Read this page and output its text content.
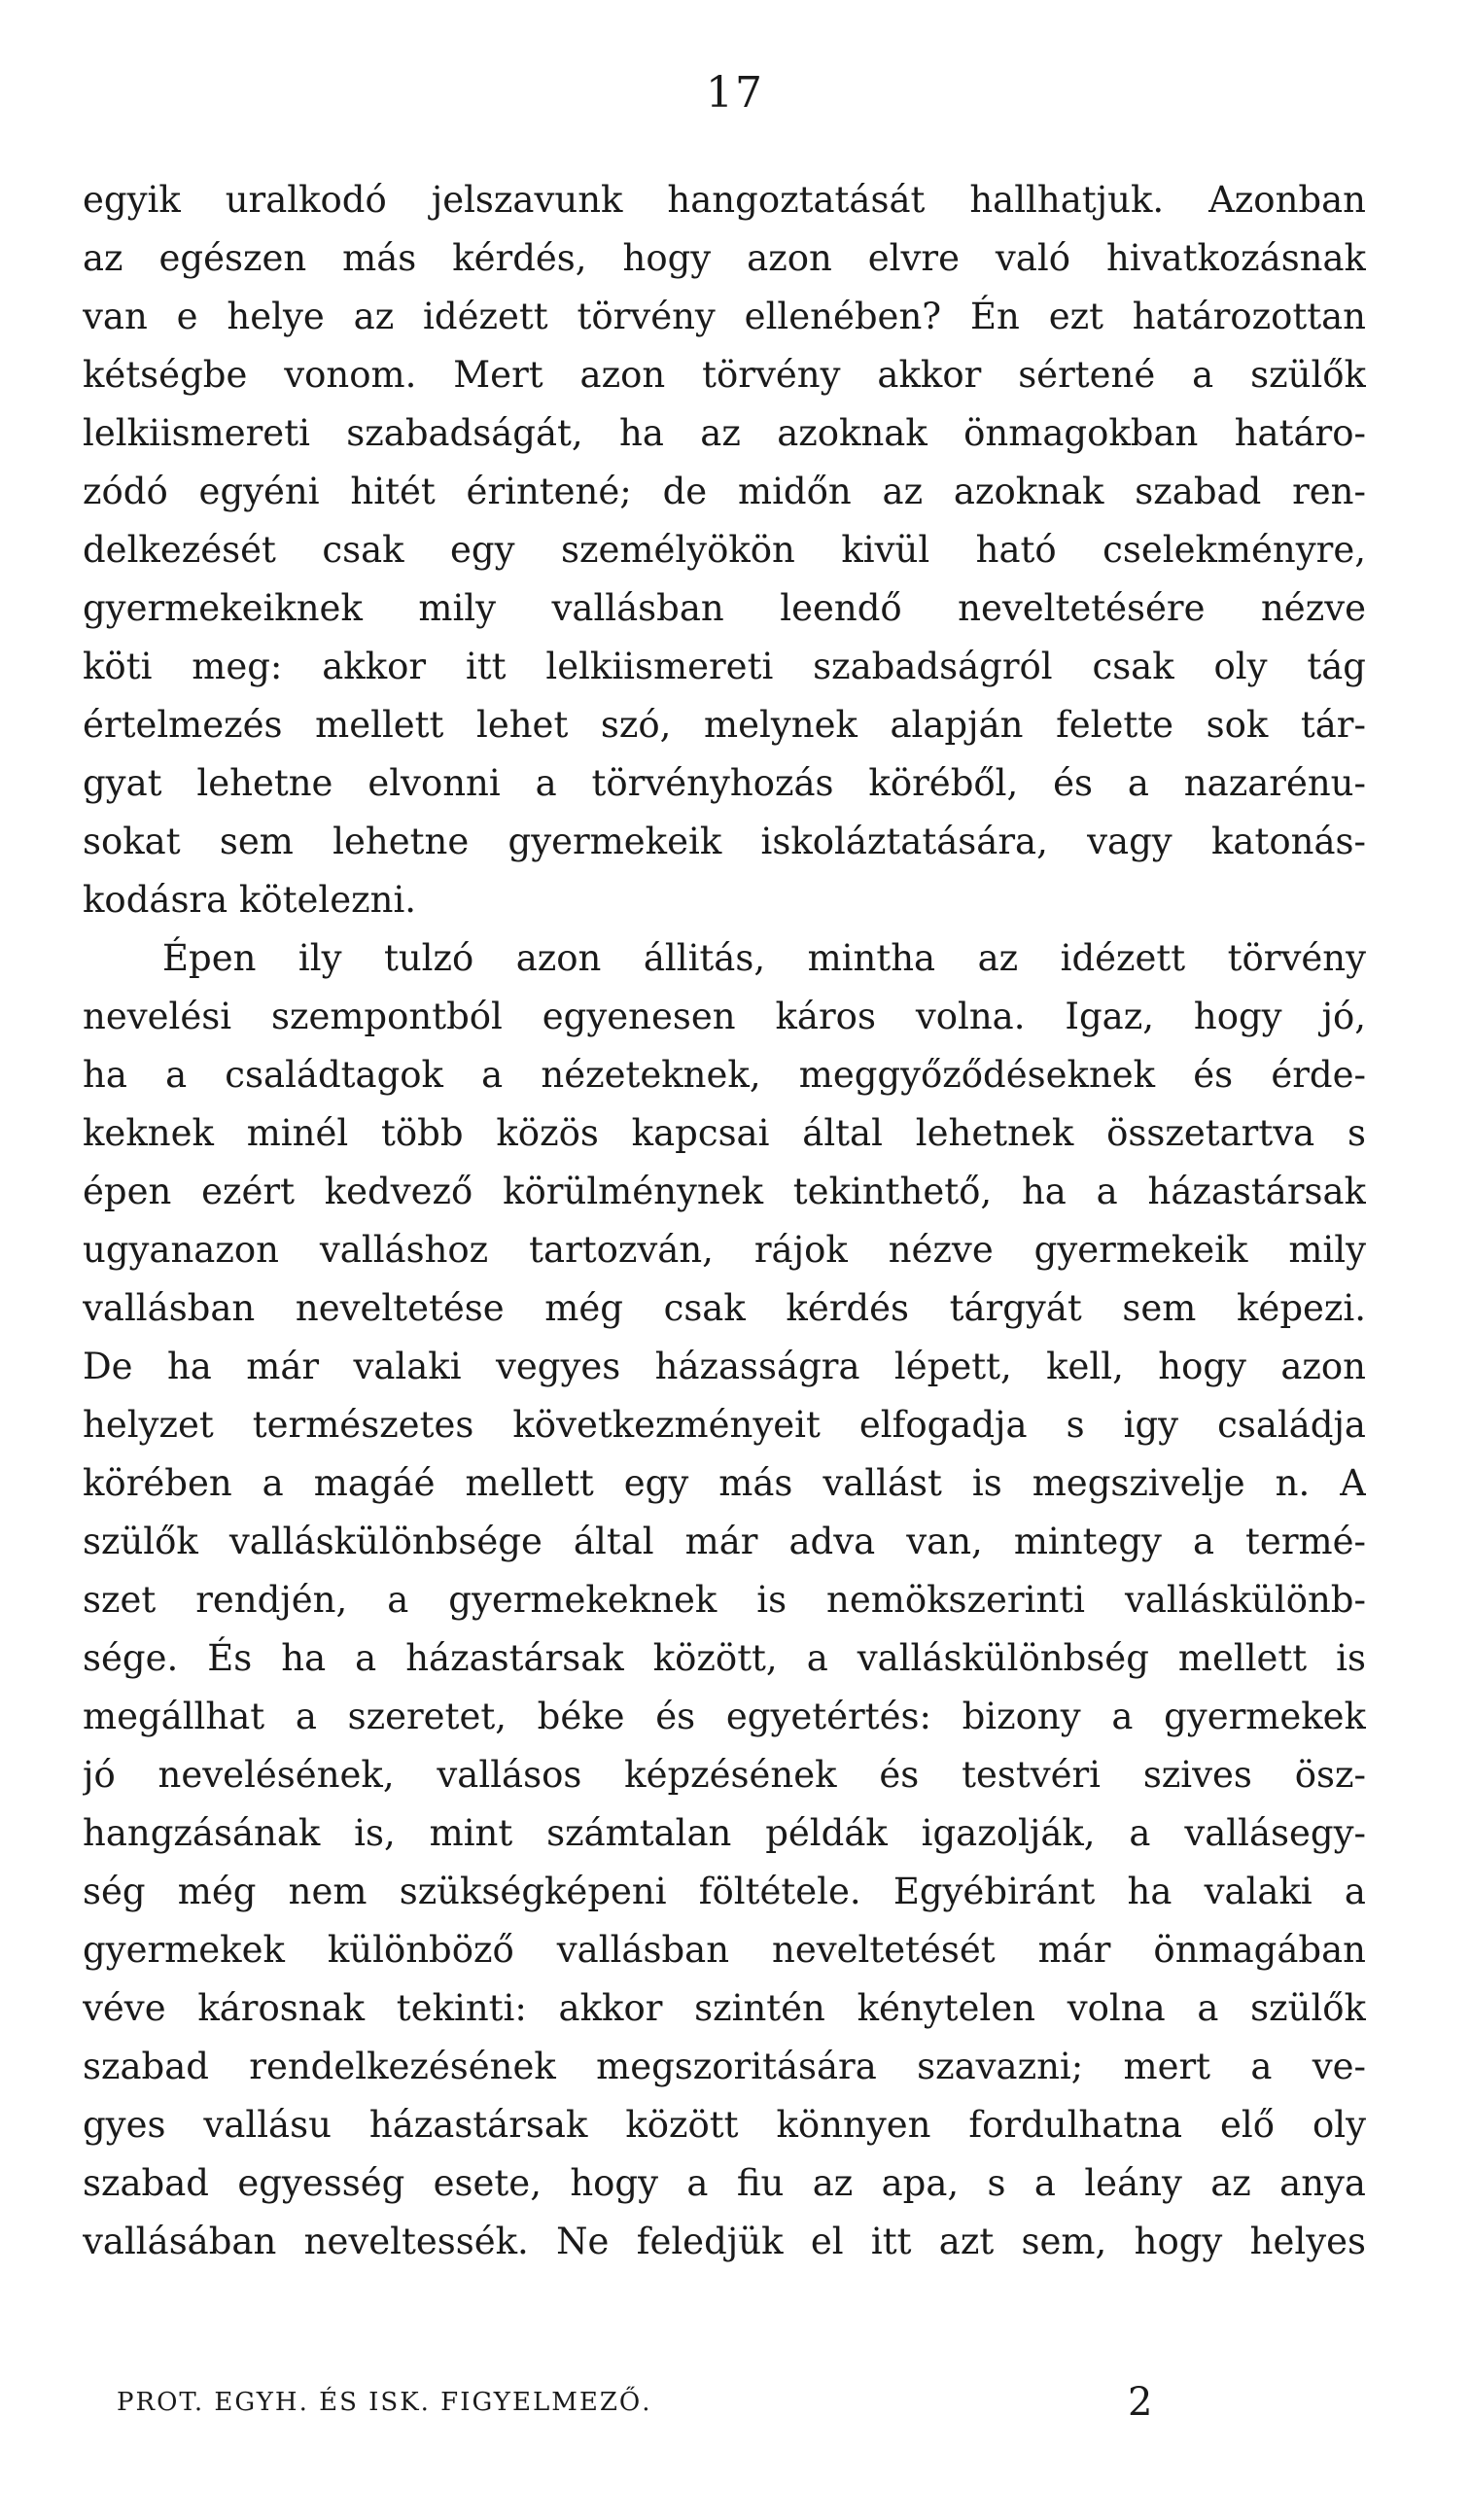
17
egyik uralkodó jelszavunk hangoztatását hallhatjuk. Azonban
az egészen más kérdés, hogy azon elvre való hivatkozásnak
van e helye az idézett törvény ellenében? Én ezt határozottan
kétségbe vonom. Mert azon törvény akkor sértené a szülők
lelkiismereti szabadságát, ha az azoknak önmagokban határo-
zódó egyéni hitét érintené; de midőn az azoknak szabad ren-
delkezését csak egy személyökön kivül ható cselekményre,
gyermekeiknek mily vallásban leendő neveltetésére nézve
köti meg: akkor itt lelkiismereti szabadságról csak oly tág
értelmezés mellett lehet szó, melynek alapján felette sok tár-
gyat lehetne elvonni a törvényhozás köréből, és a nazarénu-
sokat sem lehetne gyermekeik iskoláztatására, vagy katonás-
kodásra kötelezni.
Épen ily tulzó azon állitás, mintha az idézett törvény
nevelési szempontból egyenesen káros volna. Igaz, hogy jó,
ha a családtagok a nézeteknek, meggyőződéseknek és érde-
keknek minél több közös kapcsai által lehetnek összetartva s
épen ezért kedvező körülménynek tekinthető, ha a házastársak
ugyanazon valláshoz tartozván, rájok nézve gyermekeik mily
vallásban neveltetése még csak kérdés tárgyát sem képezi.
De ha már valaki vegyes házasságra lépett, kell, hogy azon
helyzet természetes következményeit elfogadja s igy családja
körében a magáé mellett egy más vallást is megszivelje n. A
szülők valláskülönbsége által már adva van, mintegy a termé-
szet rendjén, a gyermekeknek is nemökszerinti valláskülönb-
sége. És ha a házastársak között, a valláskülönbség mellett is
megállhat a szeretet, béke és egyetértés: bizony a gyermekek
jó nevelésének, vallásos képzésének és testvéri szives ösz-
hangzásának is, mint számtalan példák igazolják, a vallásegy-
ség még nem szükségképeni föltétele. Egyébiránt ha valaki a
gyermekek különböző vallásban neveltetését már önmagában
véve károsnak tekinti: akkor szintén kénytelen volna a szülők
szabad rendelkezésének megszoritására szavazni; mert a ve-
gyes vallásu házastársak között könnyen fordulhatna elő oly
szabad egyesség esete, hogy a fiu az apa, s a leány az anya
vallásában neveltessék. Ne feledjük el itt azt sem, hogy helyes
PROT. EGYH. ÉS ISK. FIGYELMEZŐ.	2
